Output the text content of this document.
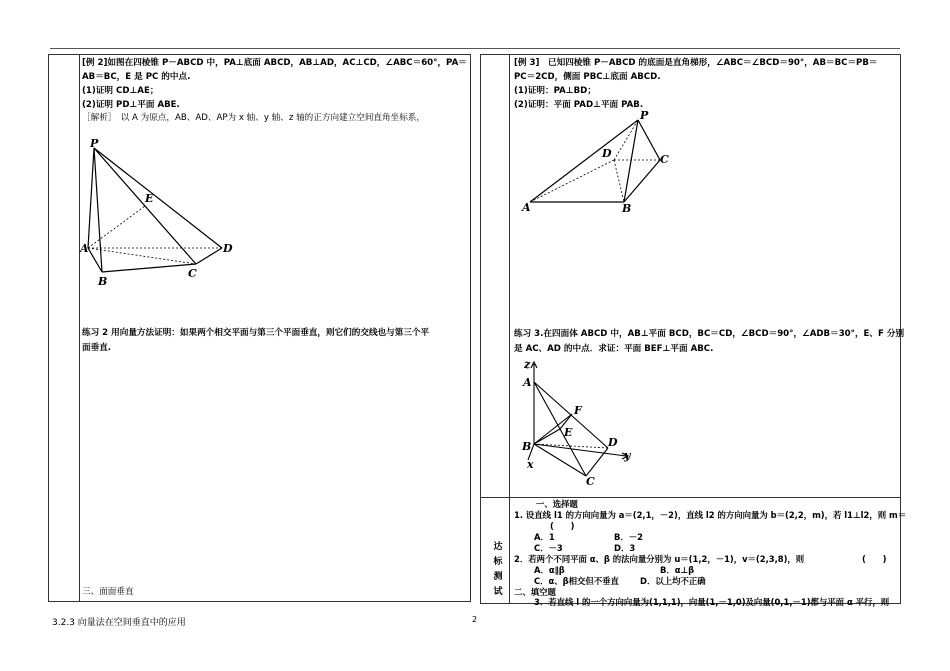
[例 2]如图在四棱锥 P－ABCD 中，PA⊥底面 ABCD，AB⊥AD，AC⊥CD，∠ABC＝60°，PA＝
AB＝BC，E 是 PC 的中点.
(1)证明 CD⊥AE；
(2)证明 PD⊥平面 ABE.
［解析］　以 A 为原点，AB、AD、AP为 x 轴、y 轴、z 轴的正方向建立空间直角坐标系，
P
E
A	D
B
C
练习 2 用向量方法证明：如果两个相交平面与第三个平面垂直，则它们的交线也与第三个平
面垂直.
三、面面垂直
[例 3]　已知四棱锥 P－ABCD 的底面是直角梯形，∠ABC＝∠BCD＝90°，AB＝BC＝PB＝
PC＝2CD，侧面 PBC⊥底面 ABCD.
(1)证明：PA⊥BD；
(2)证明：平面 PAD⊥平面 PAB.
P
D	C
A	B
练习 3.在四面体 ABCD 中，AB⊥平面 BCD，BC＝CD，∠BCD＝90°，∠ADB＝30°，E、F 分别
是 AC、AD 的中点．求证：平面 BEF⊥平面 ABC.
z
A
F
E
D
y
B
x
C
达
标
测
试
一、选择题
1. 设直线 l1 的方向向量为 a＝(2,1，－2)，直线 l2 的方向向量为 b＝(2,2，m)，若 l1⊥l2，则 m＝
(　　)
A．1	B．－2
C．－3	D．3
2．若两个不同平面 α、β 的法向量分别为 u＝(1,2，－1)，v＝(2,3,8)，则	(　　)
A．α∥β	B．α⊥β
C．α、β相交但不垂直	D．以上均不正确
二、填空题
3．若直线 l 的一个方向向量为(1,1,1)，向量(1,－1,0)及向量(0,1,－1)都与平面 α 平行，则
3.2.3 向量法在空间垂直中的应用	2
